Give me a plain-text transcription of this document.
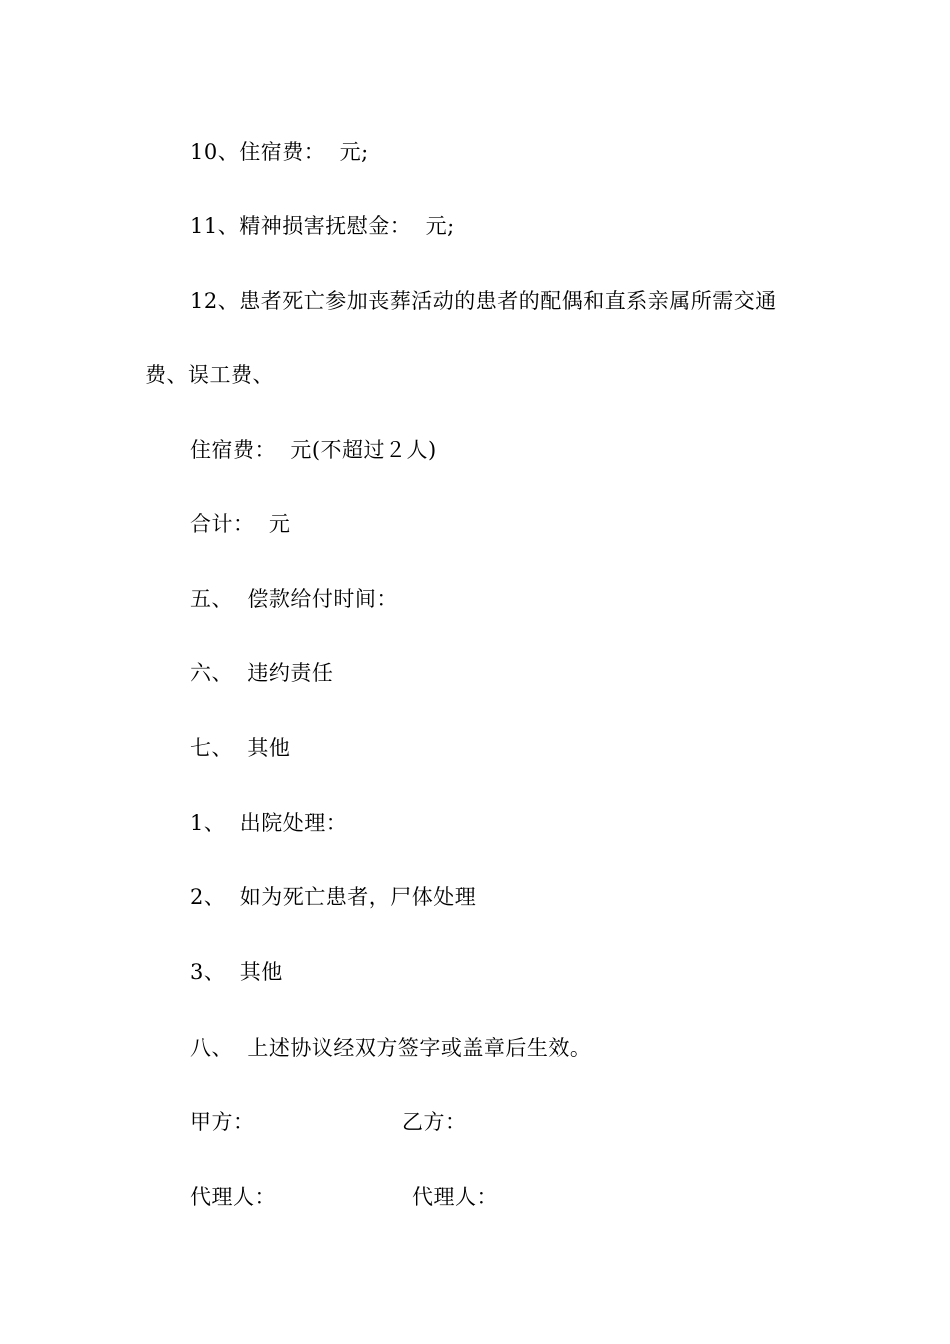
10、住宿费：  元;

11、精神损害抚慰金：  元;

12、患者死亡参加丧葬活动的患者的配偶和直系亲属所需交通

费、误工费、

住宿费：  元(不超过２人)

合计：  元

五、  偿款给付时间：

六、  违约责任

七、  其他

1、  出院处理：

2、  如为死亡患者，尸体处理

3、  其他

八、  上述协议经双方签字或盖章后生效。

甲方：	乙方：
代理人：	代理人：
